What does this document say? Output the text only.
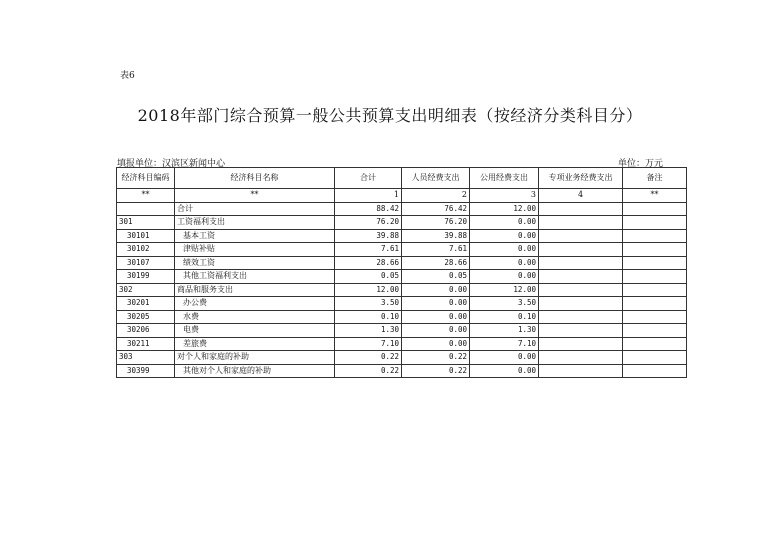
表6
2018年部门综合预算一般公共预算支出明细表（按经济分类科目分）
填报单位：汉滨区新闻中心	单位：万元
经济科目编码	经济科目名称	合计	人员经费支出	公用经费支出	专项业务经费支出	备注
**	**	1	2	3	4	**
	合计	88.42	76.42	12.00		
301	工资福利支出	76.20	76.20	0.00		
30101	基本工资	39.88	39.88	0.00		
30102	津贴补贴	7.61	7.61	0.00		
30107	绩效工资	28.66	28.66	0.00		
30199	其他工资福利支出	0.05	0.05	0.00		
302	商品和服务支出	12.00	0.00	12.00		
30201	办公费	3.50	0.00	3.50		
30205	水费	0.10	0.00	0.10		
30206	电费	1.30	0.00	1.30		
30211	差旅费	7.10	0.00	7.10		
303	对个人和家庭的补助	0.22	0.22	0.00		
30399	其他对个人和家庭的补助	0.22	0.22	0.00		
